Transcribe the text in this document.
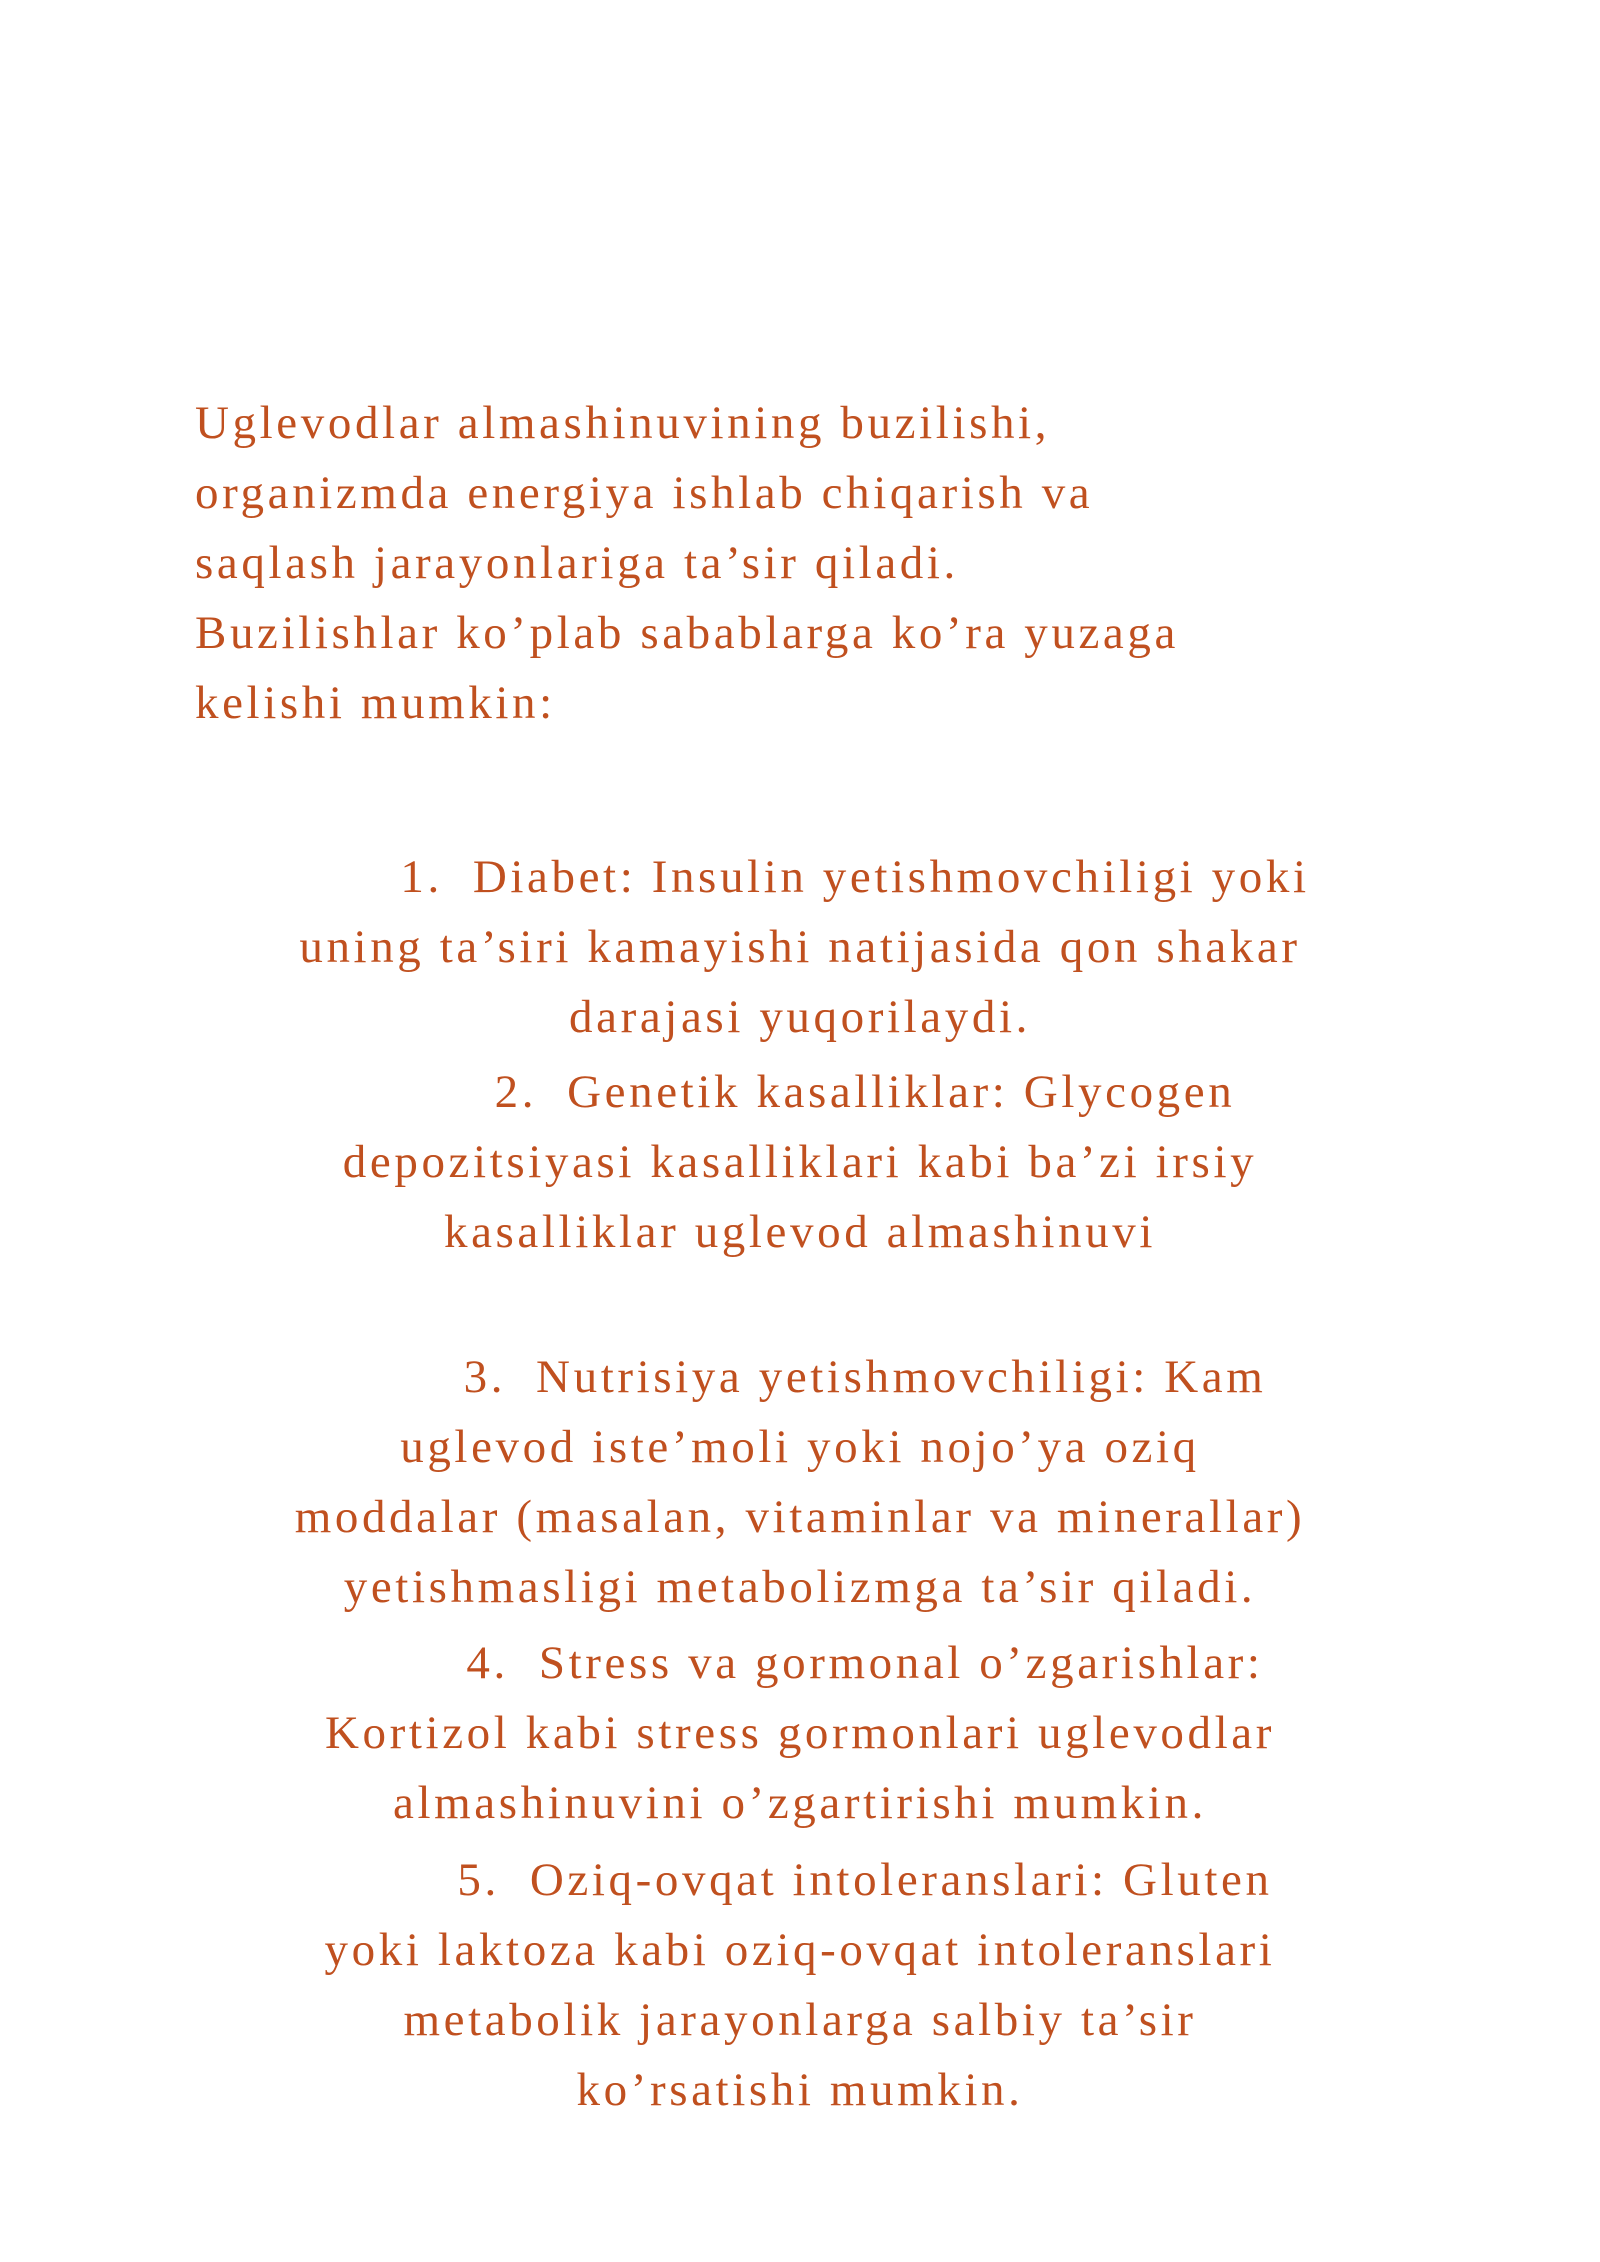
Uglevodlar almashinuvining buzilishi,
organizmda energiya ishlab chiqarish va
saqlash jarayonlariga ta’sir qiladi.
Buzilishlar ko’plab sabablarga ko’ra yuzaga
kelishi mumkin:

1. Diabet: Insulin yetishmovchiligi yoki
uning ta’siri kamayishi natijasida qon shakar
darajasi yuqorilaydi.

2. Genetik kasalliklar: Glycogen
depozitsiyasi kasalliklari kabi ba’zi irsiy
kasalliklar uglevod almashinuvi

3. Nutrisiya yetishmovchiligi: Kam
uglevod iste’moli yoki nojo’ya oziq
moddalar (masalan, vitaminlar va minerallar)
yetishmasligi metabolizmga ta’sir qiladi.

4. Stress va gormonal o’zgarishlar:
Kortizol kabi stress gormonlari uglevodlar
almashinuvini o’zgartirishi mumkin.

5. Oziq-ovqat intoleranslari: Gluten
yoki laktoza kabi oziq-ovqat intoleranslari
metabolik jarayonlarga salbiy ta’sir
ko’rsatishi mumkin.
